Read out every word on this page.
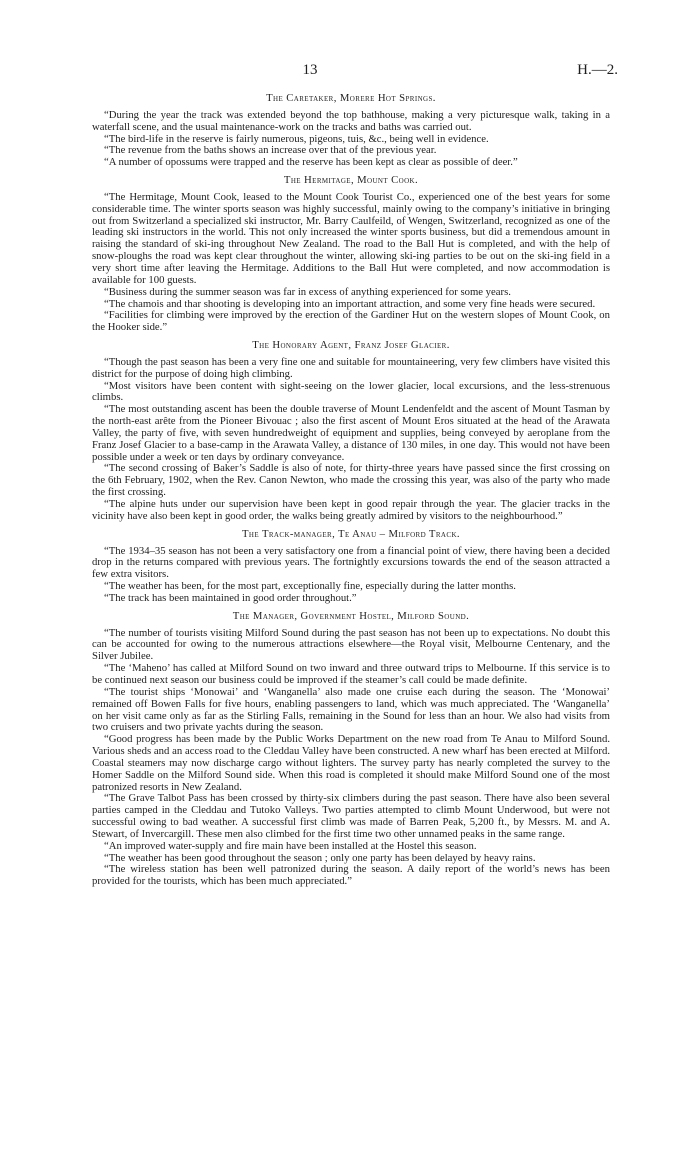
13	H.—2.
The Caretaker, Morere Hot Springs.

“During the year the track was extended beyond the top bathhouse, making a very picturesque walk, taking in a waterfall scene, and the usual maintenance-work on the tracks and baths was carried out.

“The bird-life in the reserve is fairly numerous, pigeons, tuis, &c., being well in evidence.

“The revenue from the baths shows an increase over that of the previous year.

“A number of opossums were trapped and the reserve has been kept as clear as possible of deer.”

The Hermitage, Mount Cook.

“The Hermitage, Mount Cook, leased to the Mount Cook Tourist Co., experienced one of the best years for some considerable time. The winter sports season was highly successful, mainly owing to the company’s initiative in bringing out from Switzerland a specialized ski instructor, Mr. Barry Caulfeild, of Wengen, Switzerland, recognized as one of the leading ski instructors in the world. This not only increased the winter sports business, but did a tremendous amount in raising the standard of ski-ing throughout New Zealand. The road to the Ball Hut is completed, and with the help of snow-ploughs the road was kept clear throughout the winter, allowing ski-ing parties to be out on the ski-ing field in a very short time after leaving the Hermitage. Additions to the Ball Hut were completed, and now accommodation is available for 100 guests.

“Business during the summer season was far in excess of anything experienced for some years.

“The chamois and thar shooting is developing into an important attraction, and some very fine heads were secured.

“Facilities for climbing were improved by the erection of the Gardiner Hut on the western slopes of Mount Cook, on the Hooker side.”

The Honorary Agent, Franz Josef Glacier.

“Though the past season has been a very fine one and suitable for mountaineering, very few climbers have visited this district for the purpose of doing high climbing.

“Most visitors have been content with sight-seeing on the lower glacier, local excursions, and the less-strenuous climbs.

“The most outstanding ascent has been the double traverse of Mount Lendenfeldt and the ascent of Mount Tasman by the north-east arête from the Pioneer Bivouac ; also the first ascent of Mount Eros situated at the head of the Arawata Valley, the party of five, with seven hundredweight of equipment and supplies, being conveyed by aeroplane from the Franz Josef Glacier to a base-camp in the Arawata Valley, a distance of 130 miles, in one day. This would not have been possible under a week or ten days by ordinary conveyance.

“The second crossing of Baker’s Saddle is also of note, for thirty-three years have passed since the first crossing on the 6th February, 1902, when the Rev. Canon Newton, who made the crossing this year, was also of the party who made the first crossing.

“The alpine huts under our supervision have been kept in good repair through the year. The glacier tracks in the vicinity have also been kept in good order, the walks being greatly admired by visitors to the neighbourhood.”

The Track-manager, Te Anau – Milford Track.

“The 1934–35 season has not been a very satisfactory one from a financial point of view, there having been a decided drop in the returns compared with previous years. The fortnightly excursions towards the end of the season attracted a few extra visitors.

“The weather has been, for the most part, exceptionally fine, especially during the latter months.

“The track has been maintained in good order throughout.”

The Manager, Government Hostel, Milford Sound.

“The number of tourists visiting Milford Sound during the past season has not been up to expectations. No doubt this can be accounted for owing to the numerous attractions elsewhere—the Royal visit, Melbourne Centenary, and the Silver Jubilee.

“The ‘Maheno’ has called at Milford Sound on two inward and three outward trips to Melbourne. If this service is to be continued next season our business could be improved if the steamer’s call could be made definite.

“The tourist ships ‘Monowai’ and ‘Wanganella’ also made one cruise each during the season. The ‘Monowai’ remained off Bowen Falls for five hours, enabling passengers to land, which was much appreciated. The ‘Wanganella’ on her visit came only as far as the Stirling Falls, remaining in the Sound for less than an hour. We also had visits from two cruisers and two private yachts during the season.

“Good progress has been made by the Public Works Department on the new road from Te Anau to Milford Sound. Various sheds and an access road to the Cleddau Valley have been constructed. A new wharf has been erected at Milford. Coastal steamers may now discharge cargo without lighters. The survey party has nearly completed the survey to the Homer Saddle on the Milford Sound side. When this road is completed it should make Milford Sound one of the most patronized resorts in New Zealand.

“The Grave Talbot Pass has been crossed by thirty-six climbers during the past season. There have also been several parties camped in the Cleddau and Tutoko Valleys. Two parties attempted to climb Mount Underwood, but were not successful owing to bad weather. A successful first climb was made of Barren Peak, 5,200 ft., by Messrs. M. and A. Stewart, of Invercargill. These men also climbed for the first time two other unnamed peaks in the same range.

“An improved water-supply and fire main have been installed at the Hostel this season.

“The weather has been good throughout the season ; only one party has been delayed by heavy rains.

“The wireless station has been well patronized during the season. A daily report of the world’s news has been provided for the tourists, which has been much appreciated.”
